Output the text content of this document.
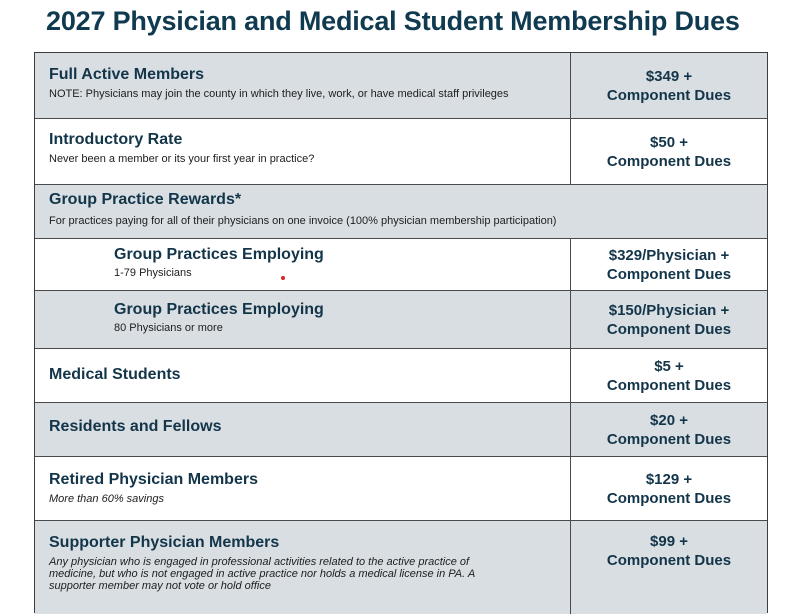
2027 Physician and Medical Student Membership Dues
Full Active Members
NOTE: Physicians may join the county in which they live, work, or have medical staff privileges
$349 +
Component Dues
Introductory Rate
Never been a member or its your first year in practice?
$50 +
Component Dues
Group Practice Rewards*
For practices paying for all of their physicians on one invoice (100% physician membership participation)
Group Practices Employing
1-79 Physicians
$329/Physician +
Component Dues
Group Practices Employing
80 Physicians or more
$150/Physician +
Component Dues
Medical Students	$5 +
Component Dues
Residents and Fellows	$20 +
Component Dues
Retired Physician Members
More than 60% savings
$129 +
Component Dues
Supporter Physician Members
Any physician who is engaged in professional activities related to the active practice of medicine, but who is not engaged in active practice nor holds a medical license in PA. A supporter member may not vote or hold office
$99 +
Component Dues
